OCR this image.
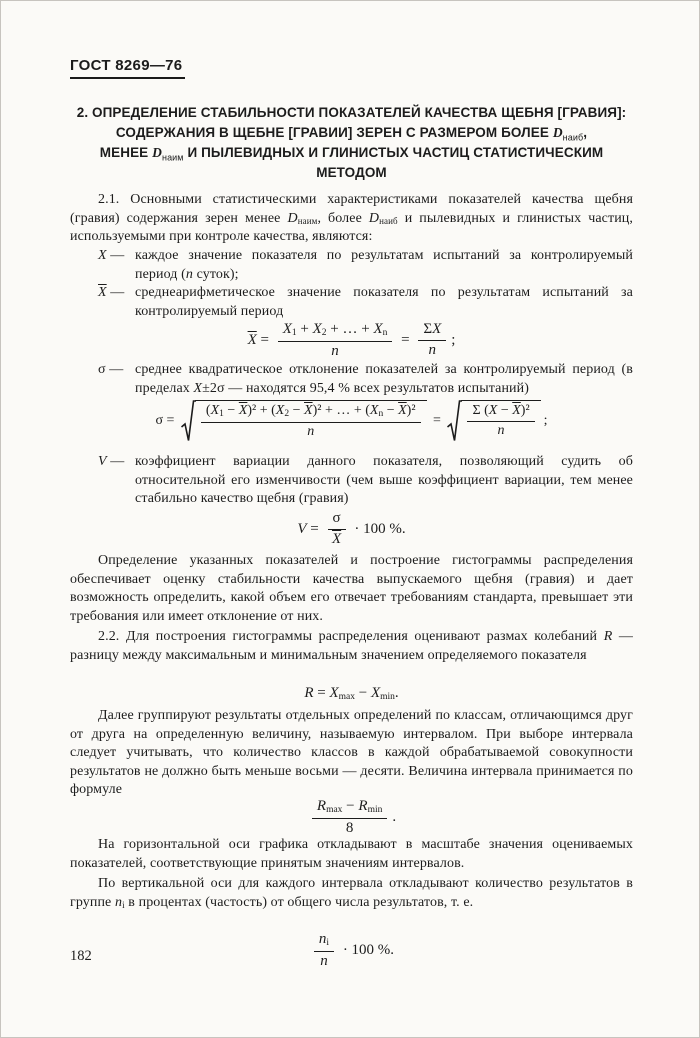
ГОСТ 8269—76
2. ОПРЕДЕЛЕНИЕ СТАБИЛЬНОСТИ ПОКАЗАТЕЛЕЙ КАЧЕСТВА ЩЕБНЯ [ГРАВИЯ]:
СОДЕРЖАНИЯ В ЩЕБНЕ [ГРАВИИ] ЗЕРЕН С РАЗМЕРОМ БОЛЕЕ $D_{наиб}$,
МЕНЕЕ $D_{наим}$ И ПЫЛЕВИДНЫХ И ГЛИНИСТЫХ ЧАСТИЦ СТАТИСТИЧЕСКИМ
МЕТОДОМ
2.1. Основными статистическими характеристиками показателей качества щебня (гравия) содержания зерен менее $D_{наим}$, более $D_{наиб}$ и пылевидных и глинистых частиц, используемыми при контроле качества, являются:
X — каждое значение показателя по результатам испытаний за контролируемый период (n суток);
$\overline{X}$ — среднеарифметическое значение показателя по результатам испытаний за контролируемый период
$\overline{X} = \frac{X_1 + X_2 + \dots + X_n}{n} = \frac{\Sigma X}{n}$ ;
σ — среднее квадратическое отклонение показателей за контролируемый период (в пределах X±2σ — находятся 95,4 % всех результатов испытаний)
$\sigma = \frac{(X_1 - \overline{X})^2 + (X_2 - \overline{X})^2 + \dots + (X_n - \overline{X})^2}{n} = \frac{\Sigma (X - \overline{X})^2}{n}$ ;
V — коэффициент вариации данного показателя, позволяющий судить об относительной его изменчивости (чем выше коэффициент вариации, тем менее стабильно качество щебня (гравия)
$V = \frac{\sigma}{X} \cdot 100$ %.
Определение указанных показателей и построение гистограммы распределения обеспечивает оценку стабильности качества выпускаемого щебня (гравия) и дает возможность определить, какой объем его отвечает требованиям стандарта, превышает эти требования или имеет отклонение от них.
2.2. Для построения гистограммы распределения оценивают размах колебаний R — разницу между максимальным и минимальным значением определяемого показателя
$R = X_{max} - X_{min}$.
Далее группируют результаты отдельных определений по классам, отличающимся друг от друга на определенную величину, называемую интервалом. При выборе интервала следует учитывать, что количество классов в каждой обрабатываемой совокупности результатов не должно быть меньше восьми — десяти. Величина интервала принимается по формуле
$\frac{R_{max} - R_{min}}{8}$ .
На горизонтальной оси графика откладывают в масштабе значения оцениваемых показателей, соответствующие принятым значениям интервалов.
По вертикальной оси для каждого интервала откладывают количество результатов в группе $n_i$ в процентах (частость) от общего числа результатов, т. е.
$\frac{n_i}{n} \cdot 100$ %.
182
